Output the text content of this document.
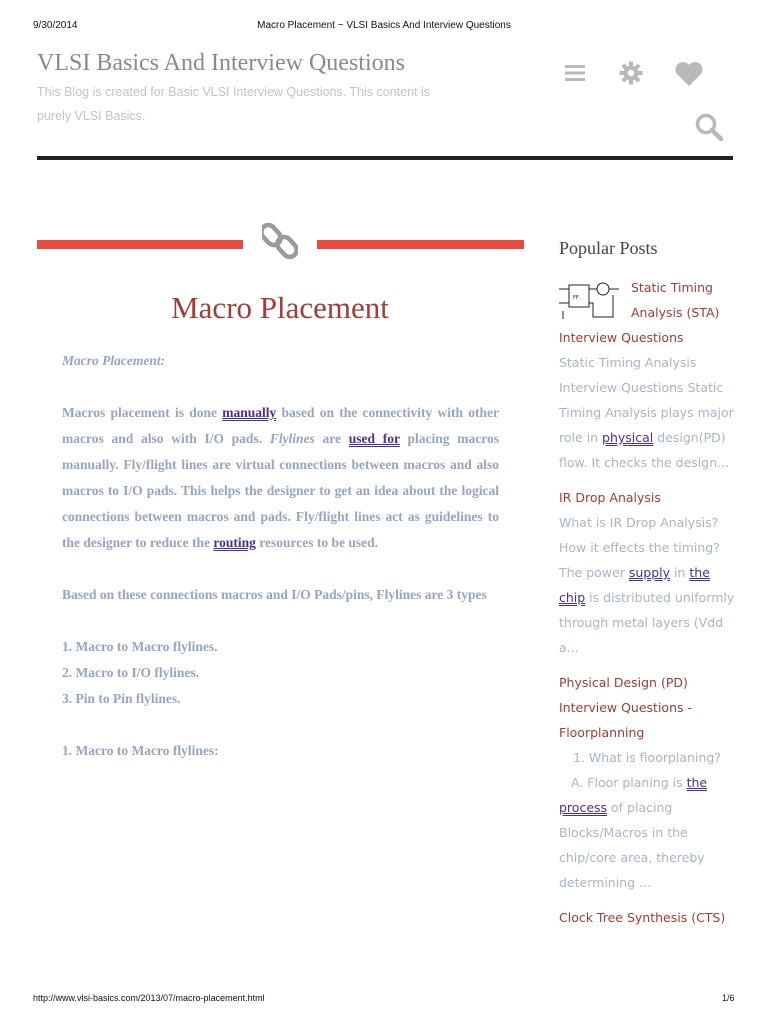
9/30/2014	Macro Placement ~ VLSI Basics And Interview Questions
VLSI Basics And Interview Questions
This Blog is created for Basic VLSI Interview Questions. This content is purely VLSI Basics.
Macro Placement

Macro Placement:

Macros placement is done manually based on the connectivity with other macros and also with I/O pads. Flylines are used for placing macros manually. Fly/flight lines are virtual connections between macros and also macros to I/O pads. This helps the designer to get an idea about the logical connections between macros and pads. Fly/flight lines act as guidelines to the designer to reduce the routing resources to be used.

Based on these connections macros and I/O Pads/pins, Flylines are 3 types

1. Macro to Macro flylines.
2. Macro to I/O flylines.
3. Pin to Pin flylines.

1. Macro to Macro flylines:

Popular Posts
FF
Static Timing Analysis (STA) Interview Questions
Static Timing Analysis Interview Questions Static Timing Analysis plays major role in physical design(PD) flow. It checks the design...
IR Drop Analysis
What is IR Drop Analysis? How it effects the timing? The power supply in the chip is distributed uniformly through metal layers (Vdd a...
Physical Design (PD) Interview Questions - Floorplanning
1. What is floorplaning?
A. Floor planing is the process of placing Blocks/Macros in the chip/core area, thereby determining ...
Clock Tree Synthesis (CTS)
http://www.vlsi-basics.com/2013/07/macro-placement.html	1/6
